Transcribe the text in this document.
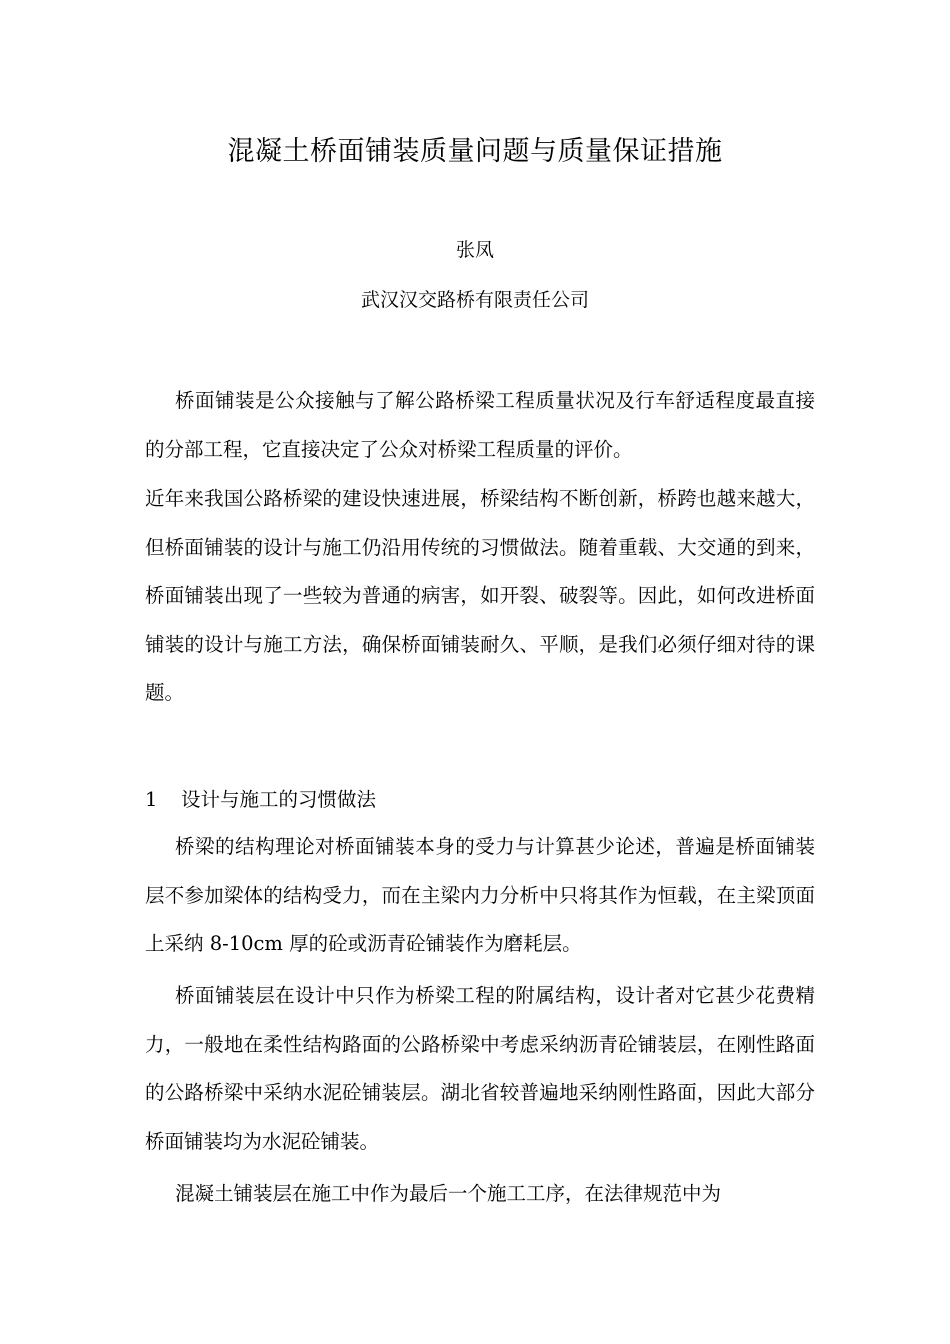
混凝土桥面铺装质量问题与质量保证措施
张凤
武汉汉交路桥有限责任公司
桥面铺装是公众接触与了解公路桥梁工程质量状况及行车舒适程度最直接的分部工程，它直接决定了公众对桥梁工程质量的评价。
近年来我国公路桥梁的建设快速进展，桥梁结构不断创新，桥跨也越来越大，但桥面铺装的设计与施工仍沿用传统的习惯做法。随着重载、大交通的到来，桥面铺装出现了一些较为普通的病害，如开裂、破裂等。因此，如何改进桥面铺装的设计与施工方法，确保桥面铺装耐久、平顺，是我们必须仔细对待的课题。
1 设计与施工的习惯做法
桥梁的结构理论对桥面铺装本身的受力与计算甚少论述，普遍是桥面铺装层不参加梁体的结构受力，而在主梁内力分析中只将其作为恒载，在主梁顶面上采纳 8-10cm 厚的砼或沥青砼铺装作为磨耗层。
桥面铺装层在设计中只作为桥梁工程的附属结构，设计者对它甚少花费精力，一般地在柔性结构路面的公路桥梁中考虑采纳沥青砼铺装层，在刚性路面的公路桥梁中采纳水泥砼铺装层。湖北省较普遍地采纳刚性路面，因此大部分桥面铺装均为水泥砼铺装。
混凝土铺装层在施工中作为最后一个施工工序，在法律规范中为
